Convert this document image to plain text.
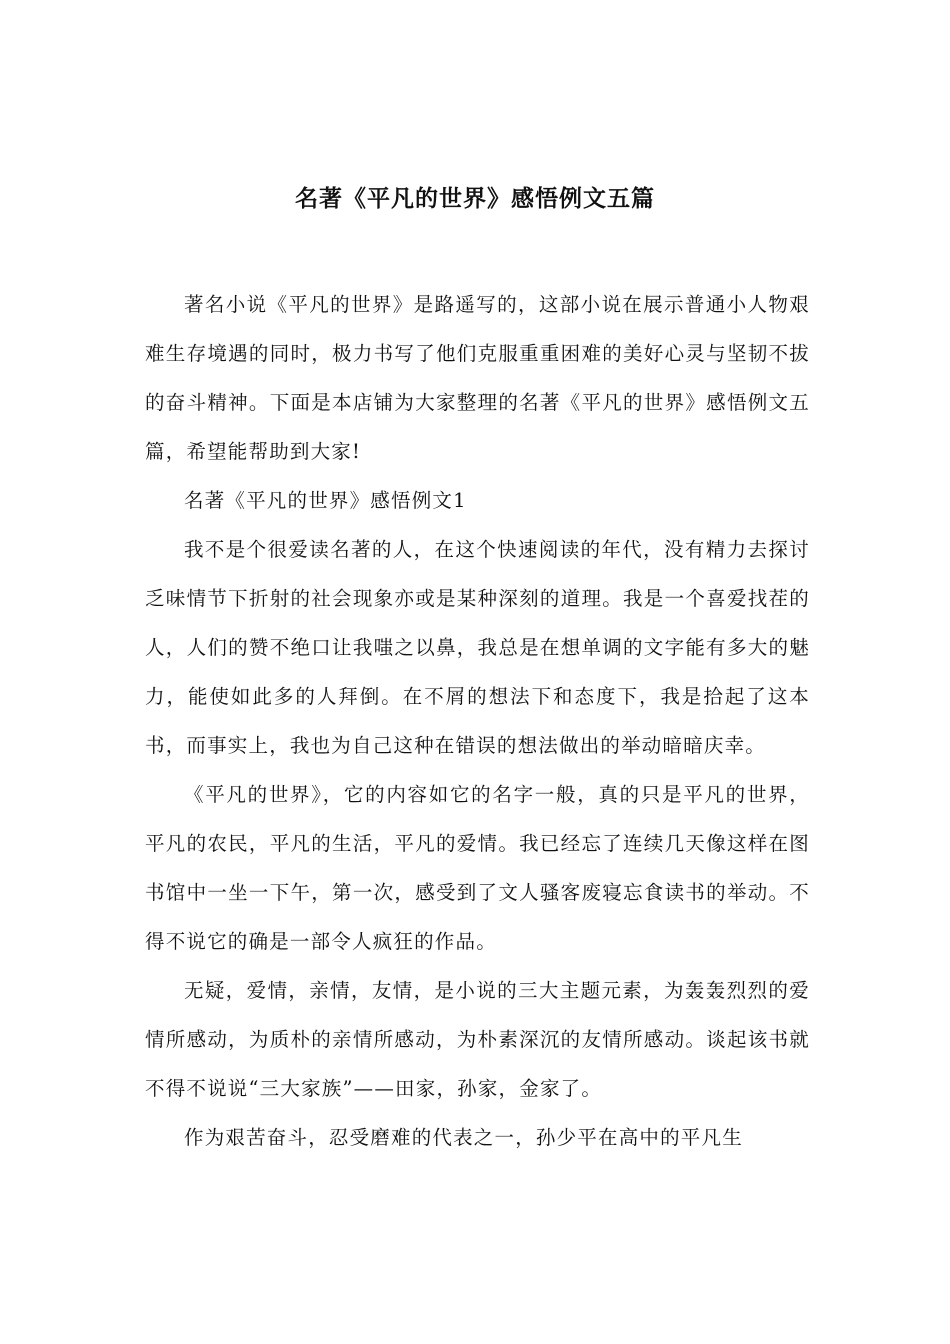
名著《平凡的世界》感悟例文五篇

著名小说《平凡的世界》是路遥写的，这部小说在展示普通小人物艰难生存境遇的同时，极力书写了他们克服重重困难的美好心灵与坚韧不拔的奋斗精神。下面是本店铺为大家整理的名著《平凡的世界》感悟例文五篇，希望能帮助到大家!

名著《平凡的世界》感悟例文1

我不是个很爱读名著的人，在这个快速阅读的年代，没有精力去探讨乏味情节下折射的社会现象亦或是某种深刻的道理。我是一个喜爱找茬的人，人们的赞不绝口让我嗤之以鼻，我总是在想单调的文字能有多大的魅力，能使如此多的人拜倒。在不屑的想法下和态度下，我是拾起了这本书，而事实上，我也为自己这种在错误的想法做出的举动暗暗庆幸。

《平凡的世界》，它的内容如它的名字一般，真的只是平凡的世界，平凡的农民，平凡的生活，平凡的爱情。我已经忘了连续几天像这样在图书馆中一坐一下午，第一次，感受到了文人骚客废寝忘食读书的举动。不得不说它的确是一部令人疯狂的作品。

无疑，爱情，亲情，友情，是小说的三大主题元素，为轰轰烈烈的爱情所感动，为质朴的亲情所感动，为朴素深沉的友情所感动。谈起该书就不得不说说“三大家族”——田家，孙家，金家了。

作为艰苦奋斗，忍受磨难的代表之一，孙少平在高中的平凡生
